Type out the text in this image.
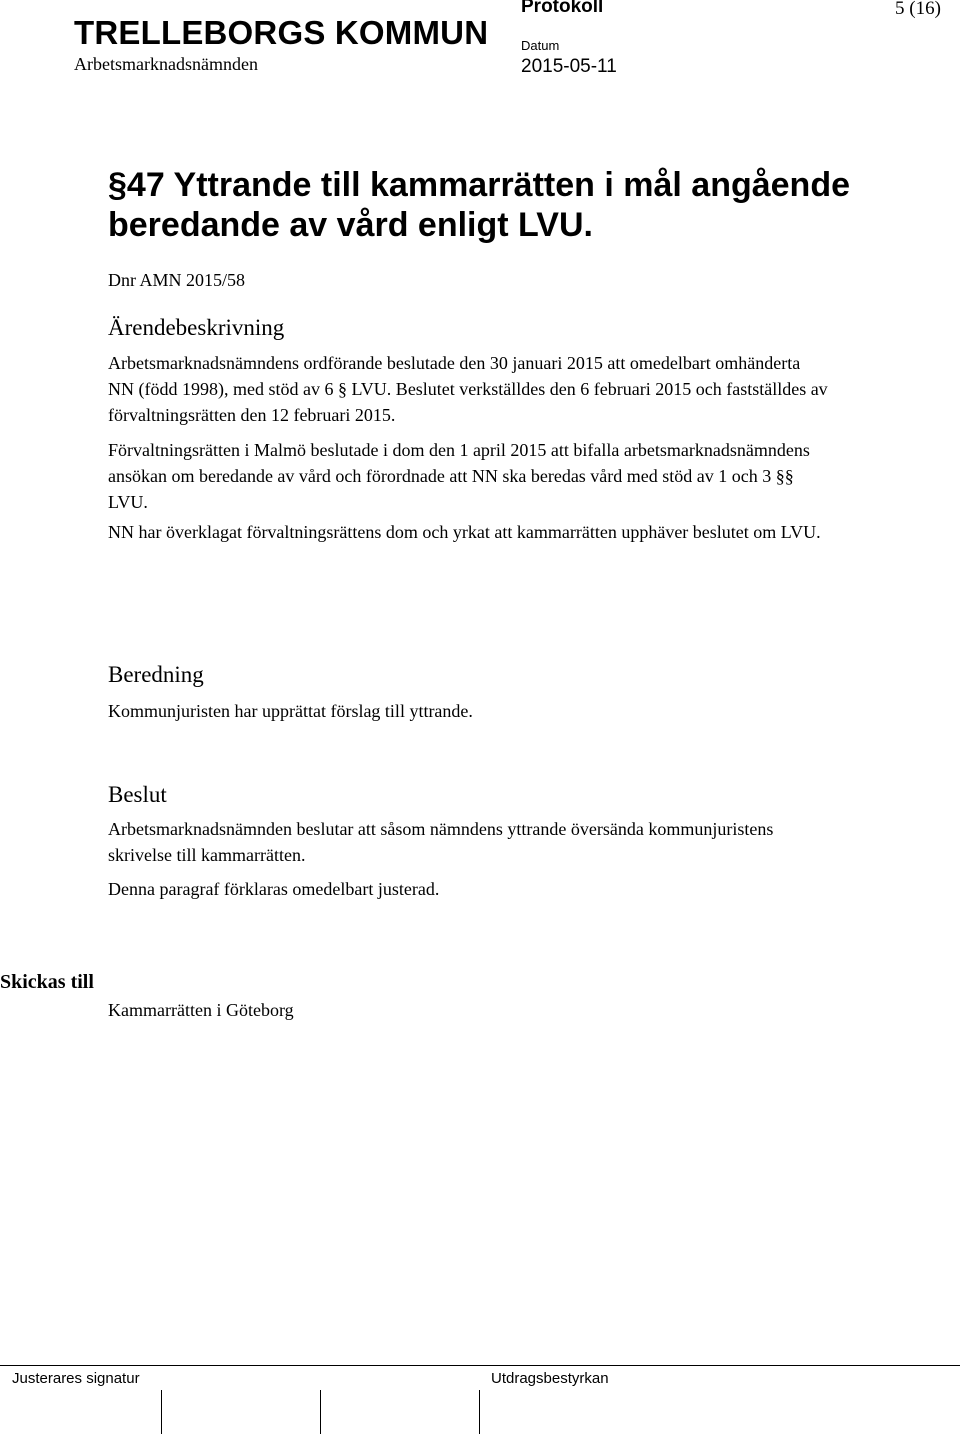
TRELLEBORGS KOMMUN
Arbetsmarknadsnämnden
Protokoll
Datum
2015-05-11
5 (16)
§47 Yttrande till kammarrätten i mål angående beredande av vård enligt LVU.
Dnr AMN 2015/58
Ärendebeskrivning
Arbetsmarknadsnämndens ordförande beslutade den 30 januari 2015 att omedelbart omhänderta NN (född 1998), med stöd av 6 § LVU. Beslutet verkställdes den 6 februari 2015 och fastställdes av förvaltningsrätten den 12 februari 2015.
Förvaltningsrätten i Malmö beslutade i dom den 1 april 2015 att bifalla arbetsmarknadsnämndens ansökan om beredande av vård och förordnade att NN ska beredas vård med stöd av 1 och 3 §§ LVU.
NN har överklagat förvaltningsrättens dom och yrkat att kammarrätten upphäver beslutet om LVU.
Beredning
Kommunjuristen har upprättat förslag till yttrande.
Beslut
Arbetsmarknadsnämnden beslutar att såsom nämndens yttrande översända kommunjuristens skrivelse till kammarrätten.
Denna paragraf förklaras omedelbart justerad.
Skickas till
Kammarrätten i Göteborg
Justerares signatur	Utdragsbestyrkan
